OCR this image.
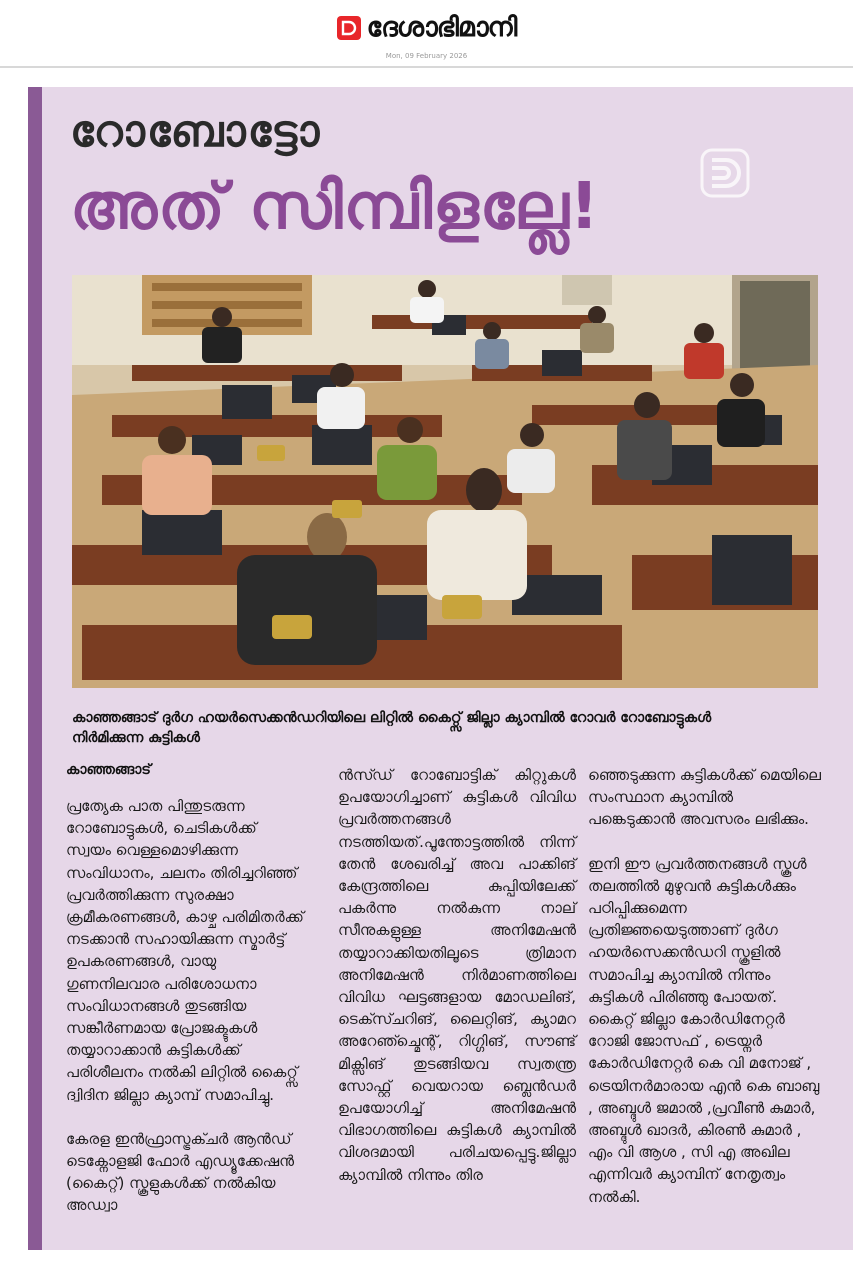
ദേശാഭിമാനി
Mon, 09 February 2026
റോബോട്ടോ
അത് സിമ്പിളല്ലേ!
കാഞ്ഞങ്ങാട് ദുർഗ ഹയർസെക്കൻഡറിയിലെ ലിറ്റിൽ കൈറ്റ്സ് ജില്ലാ ക്യാമ്പിൽ റോവർ റോബോട്ടുകൾ
നിർമിക്കുന്ന കുട്ടികൾ
കാഞ്ഞങ്ങാട്

പ്രത്യേക പാത പിന്തുടരുന്ന റോബോട്ടുകൾ, ചെടികൾക്ക് സ്വയം വെള്ളമൊഴിക്കുന്ന സംവിധാനം, ചലനം തിരിച്ചറിഞ്ഞ് പ്രവർത്തിക്കുന്ന സുരക്ഷാ ക്രമീകരണങ്ങൾ, കാഴ്ച പരിമിതർക്ക് നടക്കാൻ സഹായിക്കുന്ന സ്മാർട്ട് ഉപകരണങ്ങൾ, വായു ഗുണനിലവാര പരിശോധനാ സംവിധാനങ്ങൾ തുടങ്ങിയ സങ്കീർണമായ പ്രോജക്ടുകൾ തയ്യാറാക്കാൻ കുട്ടികൾക്ക് പരിശീലനം നൽകി ലിറ്റിൽ കൈറ്റ്സ് ദ്വിദിന ജില്ലാ ക്യാമ്പ് സമാപിച്ചു.

കേരള ഇൻഫ്രാസ്ട്രക്ചർ ആൻഡ് ടെക്നോളജി ഫോർ എഡ്യൂക്കേഷൻ (കൈറ്റ്) സ്കൂളുകൾക്ക് നൽകിയ അഡ്വാ

ൻസ്ഡ് റോബോട്ടിക് കിറ്റുകൾ ഉപയോഗിച്ചാണ് കുട്ടികൾ വിവിധ പ്രവർത്തനങ്ങൾ നടത്തിയത്.പൂന്തോട്ടത്തിൽ നിന്ന് തേൻ ശേഖരിച്ച് അവ പാക്കിങ് കേന്ദ്രത്തിലെ കുപ്പിയിലേക്ക് പകർന്നു നൽകുന്ന നാല് സീനുകളുള്ള അനിമേഷൻ തയ്യാറാക്കിയതിലൂടെ ത്രിമാന അനിമേഷൻ നിർമാണത്തിലെ വിവിധ ഘട്ടങ്ങളായ മോഡലിങ്, ടെക്സ്ചറിങ്, ലൈറ്റിങ്, ക്യാമറ അറേഞ്ച്മെന്റ്, റിഗ്ഗിങ്, സൗണ്ട് മിക്സിങ് തുടങ്ങിയവ സ്വതന്ത്ര സോഫ്റ്റ് വെയറായ ബ്ലെൻഡർ ഉപയോഗിച്ച് അനിമേഷൻ വിഭാഗത്തിലെ കുട്ടികൾ ക്യാമ്പിൽ വിശദമായി പരിചയപ്പെട്ടു.ജില്ലാ ക്യാമ്പിൽ നിന്നും തിര

ഞ്ഞെടുക്കുന്ന കുട്ടികൾക്ക് മെയിലെ സംസ്ഥാന ക്യാമ്പിൽ പങ്കെടുക്കാൻ അവസരം ലഭിക്കും.

ഇനി ഈ പ്രവർത്തനങ്ങൾ സ്കൂൾ തലത്തിൽ മുഴുവൻ കുട്ടികൾക്കും പഠിപ്പിക്കുമെന്ന പ്രതിജ്ഞയെടുത്താണ് ദുർഗ ഹയർസെക്കൻഡറി സ്കൂളിൽ സമാപിച്ച ക്യാമ്പിൽ നിന്നും കുട്ടികൾ പിരിഞ്ഞു പോയത്. കൈറ്റ് ജില്ലാ കോർഡിനേറ്റർ റോജി ജോസഫ് , ട്രെയ്നർ കോർഡിനേറ്റർ കെ വി മനോജ് , ട്രെയിനർമാരായ എൻ കെ ബാബു , അബ്ദുൾ ജമാൽ ,പ്രവീൺ കുമാർ, അബ്ദുൾ ഖാദർ, കിരൺ കുമാർ , എം വി ആശ , സി എ അഖില എന്നിവർ ക്യാമ്പിന് നേതൃത്വം നൽകി.
